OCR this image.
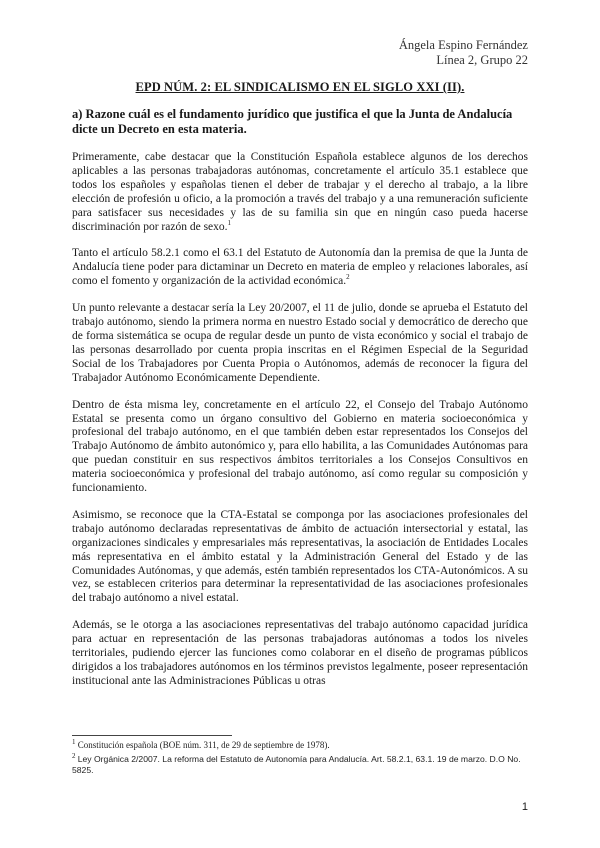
Ángela Espino Fernández
Línea 2, Grupo 22
EPD NÚM. 2: EL SINDICALISMO EN EL SIGLO XXI (II).
a) Razone cuál es el fundamento jurídico que justifica el que la Junta de Andalucía dicte un Decreto en esta materia.

Primeramente, cabe destacar que la Constitución Española establece algunos de los derechos aplicables a las personas trabajadoras autónomas, concretamente el artículo 35.1 establece que todos los españoles y españolas tienen el deber de trabajar y el derecho al trabajo, a la libre elección de profesión u oficio, a la promoción a través del trabajo y a una remuneración suficiente para satisfacer sus necesidades y las de su familia sin que en ningún caso pueda hacerse discriminación por razón de sexo.$^1$

Tanto el artículo 58.2.1 como el 63.1 del Estatuto de Autonomía dan la premisa de que la Junta de Andalucía tiene poder para dictaminar un Decreto en materia de empleo y relaciones laborales, así como el fomento y organización de la actividad económica.$^2$

Un punto relevante a destacar sería la Ley 20/2007, el 11 de julio, donde se aprueba el Estatuto del trabajo autónomo, siendo la primera norma en nuestro Estado social y democrático de derecho que de forma sistemática se ocupa de regular desde un punto de vista económico y social el trabajo de las personas desarrollado por cuenta propia inscritas en el Régimen Especial de la Seguridad Social de los Trabajadores por Cuenta Propia o Autónomos, además de reconocer la figura del Trabajador Autónomo Económicamente Dependiente.

Dentro de ésta misma ley, concretamente en el artículo 22, el Consejo del Trabajo Autónomo Estatal se presenta como un órgano consultivo del Gobierno en materia socioeconómica y profesional del trabajo autónomo, en el que también deben estar representados los Consejos del Trabajo Autónomo de ámbito autonómico y, para ello habilita, a las Comunidades Autónomas para que puedan constituir en sus respectivos ámbitos territoriales a los Consejos Consultivos en materia socioeconómica y profesional del trabajo autónomo, así como regular su composición y funcionamiento.

Asimismo, se reconoce que la CTA-Estatal se componga por las asociaciones profesionales del trabajo autónomo declaradas representativas de ámbito de actuación intersectorial y estatal, las organizaciones sindicales y empresariales más representativas, la asociación de Entidades Locales más representativa en el ámbito estatal y la Administración General del Estado y de las Comunidades Autónomas, y que además, estén también representados los CTA-Autonómicos. A su vez, se establecen criterios para determinar la representatividad de las asociaciones profesionales del trabajo autónomo a nivel estatal.

Además, se le otorga a las asociaciones representativas del trabajo autónomo capacidad jurídica para actuar en representación de las personas trabajadoras autónomas a todos los niveles territoriales, pudiendo ejercer las funciones como colaborar en el diseño de programas públicos dirigidos a los trabajadores autónomos en los términos previstos legalmente, poseer representación institucional ante las Administraciones Públicas u otras

$^1$ Constitución española (BOE núm. 311, de 29 de septiembre de 1978).
$^2$ Ley Orgánica 2/2007. La reforma del Estatuto de Autonomía para Andalucía. Art. 58.2.1, 63.1. 19 de marzo. D.O No. 5825.
1
